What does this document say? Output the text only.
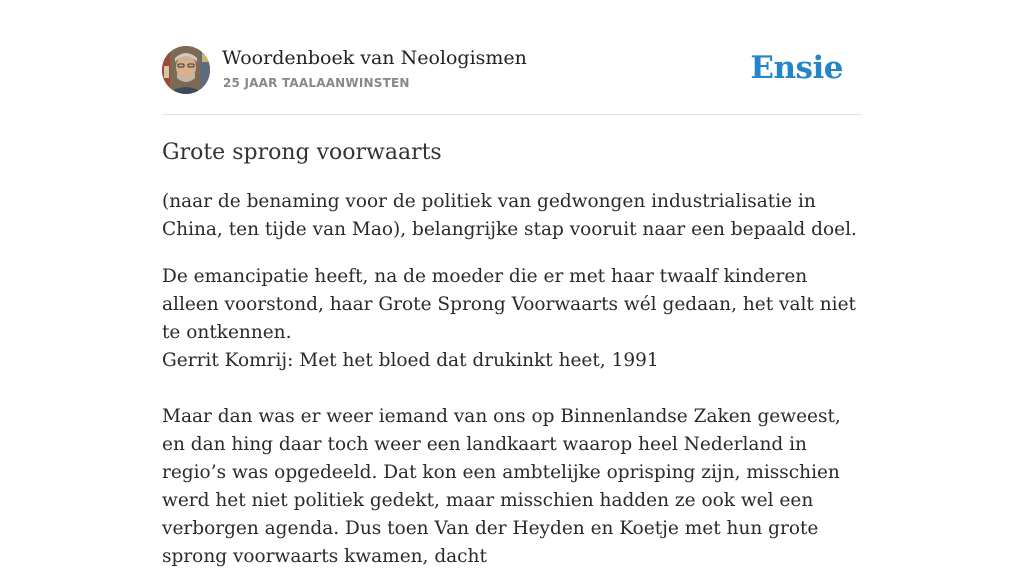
Woordenboek van Neologismen
25 JAAR TAALAANWINSTEN	Ensie
Grote sprong voorwaarts

(naar de benaming voor de politiek van gedwongen industrialisatie in China, ten tijde van Mao), belangrijke stap vooruit naar een bepaald doel.

De emancipatie heeft, na de moeder die er met haar twaalf kinderen alleen voorstond, haar Grote Sprong Voorwaarts wél gedaan, het valt niet te ontkennen.
Gerrit Komrij: Met het bloed dat drukinkt heet, 1991

Maar dan was er weer iemand van ons op Binnenlandse Zaken geweest, en dan hing daar toch weer een landkaart waarop heel Nederland in regio’s was opgedeeld. Dat kon een ambtelijke oprisping zijn, misschien werd het niet politiek gedekt, maar misschien hadden ze ook wel een verborgen agenda. Dus toen Van der Heyden en Koetje met hun grote sprong voorwaarts kwamen, dacht
